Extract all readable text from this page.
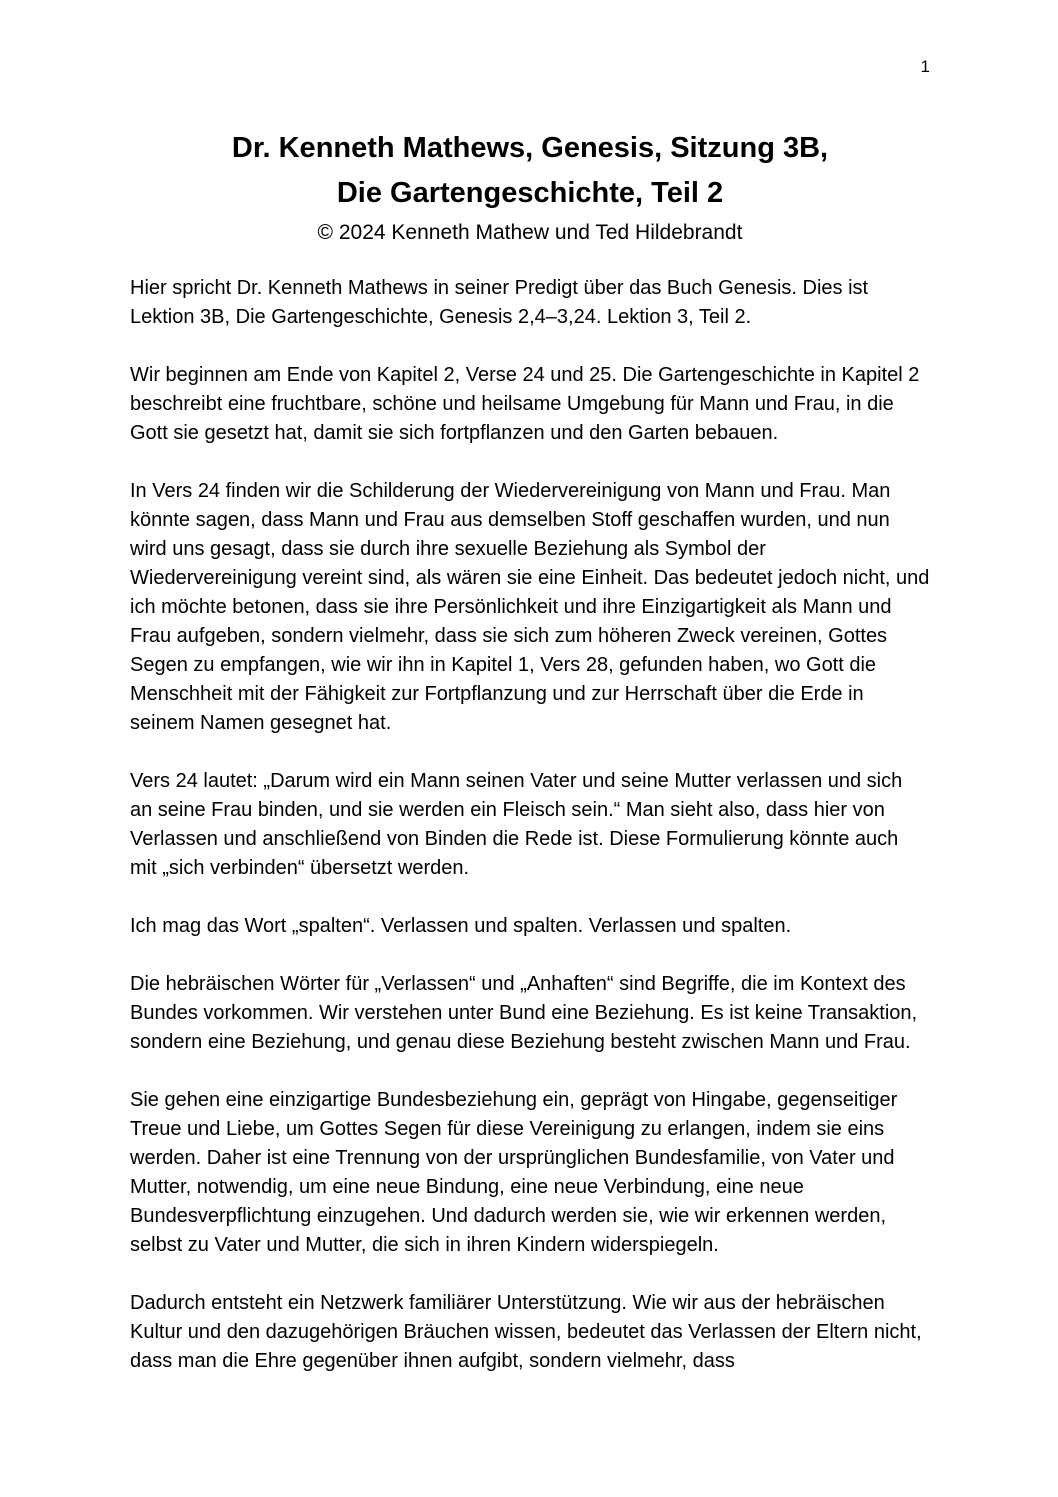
1
Dr. Kenneth Mathews, Genesis, Sitzung 3B,
Die Gartengeschichte, Teil 2

© 2024 Kenneth Mathew und Ted Hildebrandt

Hier spricht Dr. Kenneth Mathews in seiner Predigt über das Buch Genesis. Dies ist Lektion 3B, Die Gartengeschichte, Genesis 2,4–3,24. Lektion 3, Teil 2.

Wir beginnen am Ende von Kapitel 2, Verse 24 und 25. Die Gartengeschichte in Kapitel 2 beschreibt eine fruchtbare, schöne und heilsame Umgebung für Mann und Frau, in die Gott sie gesetzt hat, damit sie sich fortpflanzen und den Garten bebauen.

In Vers 24 finden wir die Schilderung der Wiedervereinigung von Mann und Frau. Man könnte sagen, dass Mann und Frau aus demselben Stoff geschaffen wurden, und nun wird uns gesagt, dass sie durch ihre sexuelle Beziehung als Symbol der Wiedervereinigung vereint sind, als wären sie eine Einheit. Das bedeutet jedoch nicht, und ich möchte betonen, dass sie ihre Persönlichkeit und ihre Einzigartigkeit als Mann und Frau aufgeben, sondern vielmehr, dass sie sich zum höheren Zweck vereinen, Gottes Segen zu empfangen, wie wir ihn in Kapitel 1, Vers 28, gefunden haben, wo Gott die Menschheit mit der Fähigkeit zur Fortpflanzung und zur Herrschaft über die Erde in seinem Namen gesegnet hat.

Vers 24 lautet: „Darum wird ein Mann seinen Vater und seine Mutter verlassen und sich an seine Frau binden, und sie werden ein Fleisch sein.“ Man sieht also, dass hier von Verlassen und anschließend von Binden die Rede ist. Diese Formulierung könnte auch mit „sich verbinden“ übersetzt werden.

Ich mag das Wort „spalten“. Verlassen und spalten. Verlassen und spalten.

Die hebräischen Wörter für „Verlassen“ und „Anhaften“ sind Begriffe, die im Kontext des Bundes vorkommen. Wir verstehen unter Bund eine Beziehung. Es ist keine Transaktion, sondern eine Beziehung, und genau diese Beziehung besteht zwischen Mann und Frau.

Sie gehen eine einzigartige Bundesbeziehung ein, geprägt von Hingabe, gegenseitiger Treue und Liebe, um Gottes Segen für diese Vereinigung zu erlangen, indem sie eins werden. Daher ist eine Trennung von der ursprünglichen Bundesfamilie, von Vater und Mutter, notwendig, um eine neue Bindung, eine neue Verbindung, eine neue Bundesverpflichtung einzugehen. Und dadurch werden sie, wie wir erkennen werden, selbst zu Vater und Mutter, die sich in ihren Kindern widerspiegeln.

Dadurch entsteht ein Netzwerk familiärer Unterstützung. Wie wir aus der hebräischen Kultur und den dazugehörigen Bräuchen wissen, bedeutet das Verlassen der Eltern nicht, dass man die Ehre gegenüber ihnen aufgibt, sondern vielmehr, dass
